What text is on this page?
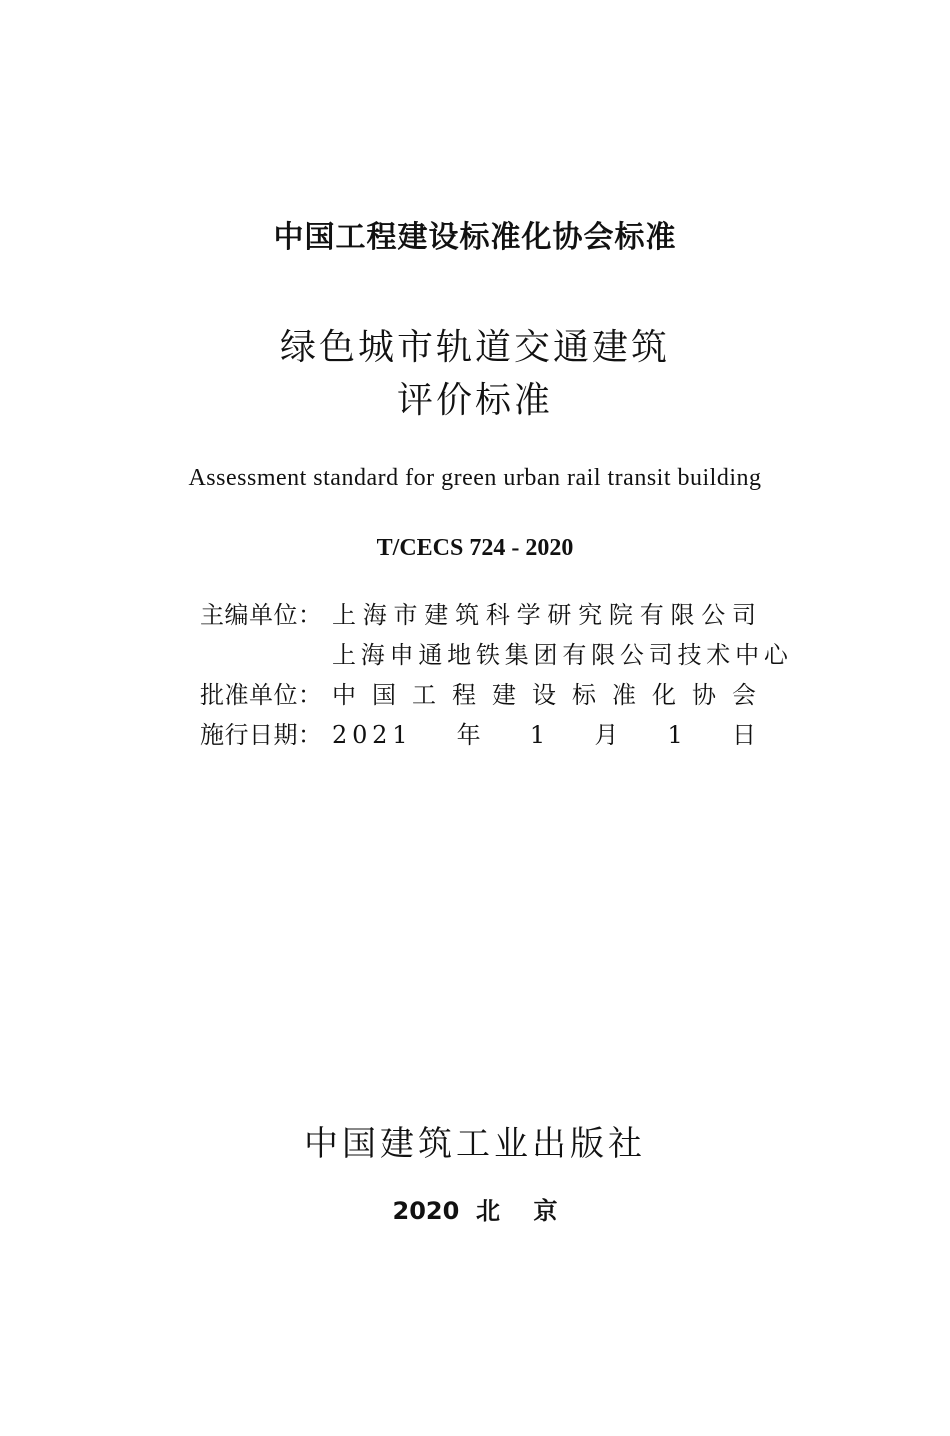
中国工程建设标准化协会标准
绿色城市轨道交通建筑
评价标准
Assessment standard for green urban rail transit building
T/CECS 724 - 2020
主编单位： 上 海 市 建 筑 科 学 研 究 院 有 限 公 司
上 海 申 通 地 铁 集 团 有 限 公 司 技 术 中 心
批准单位： 中 国 工 程 建 设 标 准 化 协 会
施行日期： 2 0 2 1 年 1 月 1 日
中国建筑工业出版社
2020  北    京
